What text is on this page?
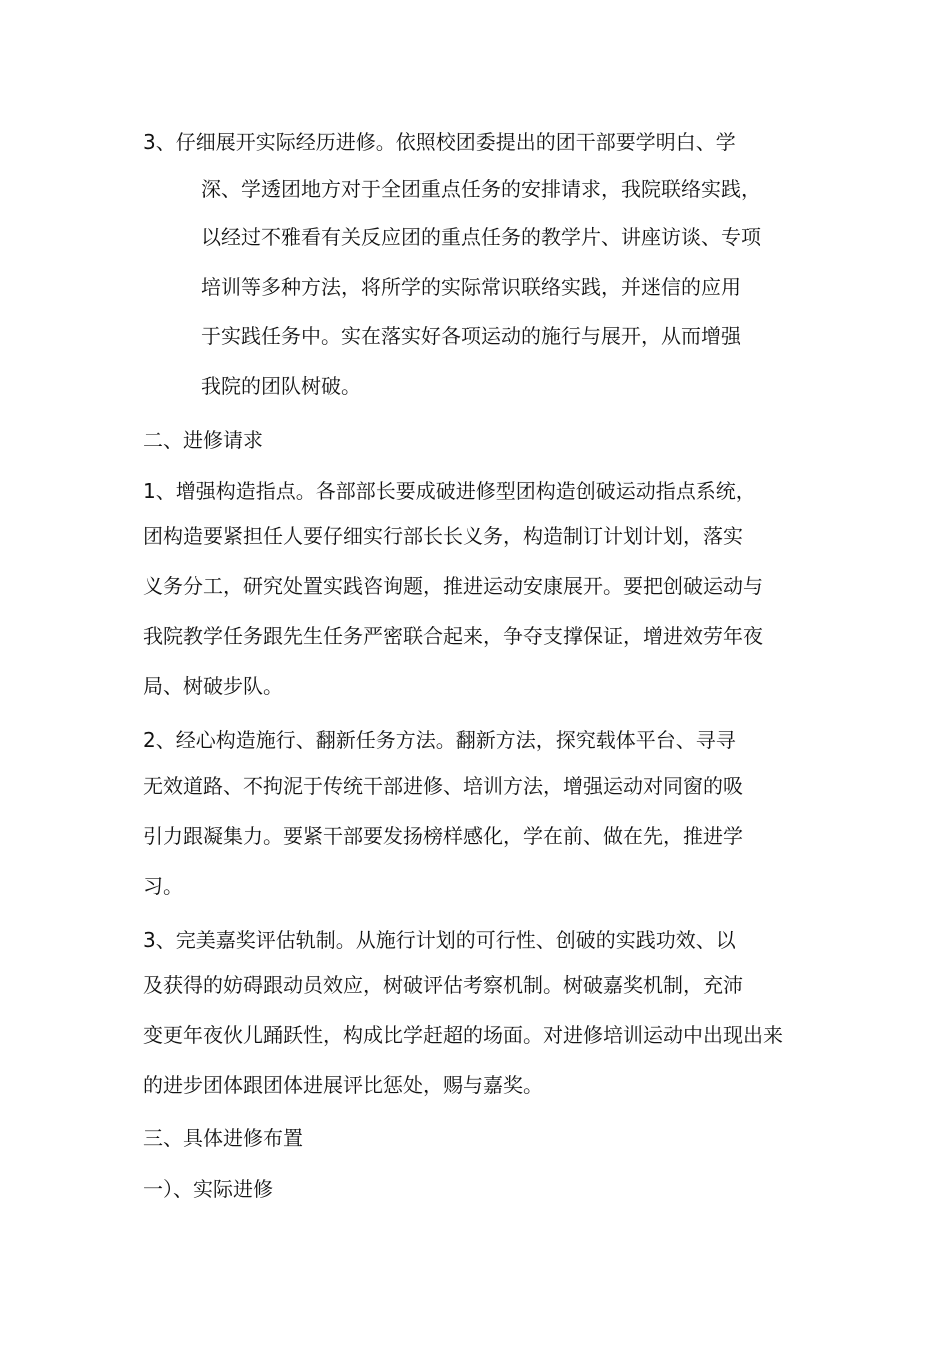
3、仔细展开实际经历进修。依照校团委提出的团干部要学明白、学
深、学透团地方对于全团重点任务的安排请求，我院联络实践，
以经过不雅看有关反应团的重点任务的教学片、讲座访谈、专项
培训等多种方法，将所学的实际常识联络实践，并迷信的应用
于实践任务中。实在落实好各项运动的施行与展开，从而增强
我院的团队树破。
二、进修请求
1、增强构造指点。各部部长要成破进修型团构造创破运动指点系统，
团构造要紧担任人要仔细实行部长长义务，构造制订计划计划，落实
义务分工，研究处置实践咨询题，推进运动安康展开。要把创破运动与
我院教学任务跟先生任务严密联合起来，争夺支撑保证，增进效劳年夜
局、树破步队。
2、经心构造施行、翻新任务方法。翻新方法，探究载体平台、寻寻
无效道路、不拘泥于传统干部进修、培训方法，增强运动对同窗的吸
引力跟凝集力。要紧干部要发扬榜样感化，学在前、做在先，推进学
习。
3、完美嘉奖评估轨制。从施行计划的可行性、创破的实践功效、以
及获得的妨碍跟动员效应，树破评估考察机制。树破嘉奖机制，充沛
变更年夜伙儿踊跃性，构成比学赶超的场面。对进修培训运动中出现出来
的进步团体跟团体进展评比惩处，赐与嘉奖。
三、具体进修布置
一）、实际进修
